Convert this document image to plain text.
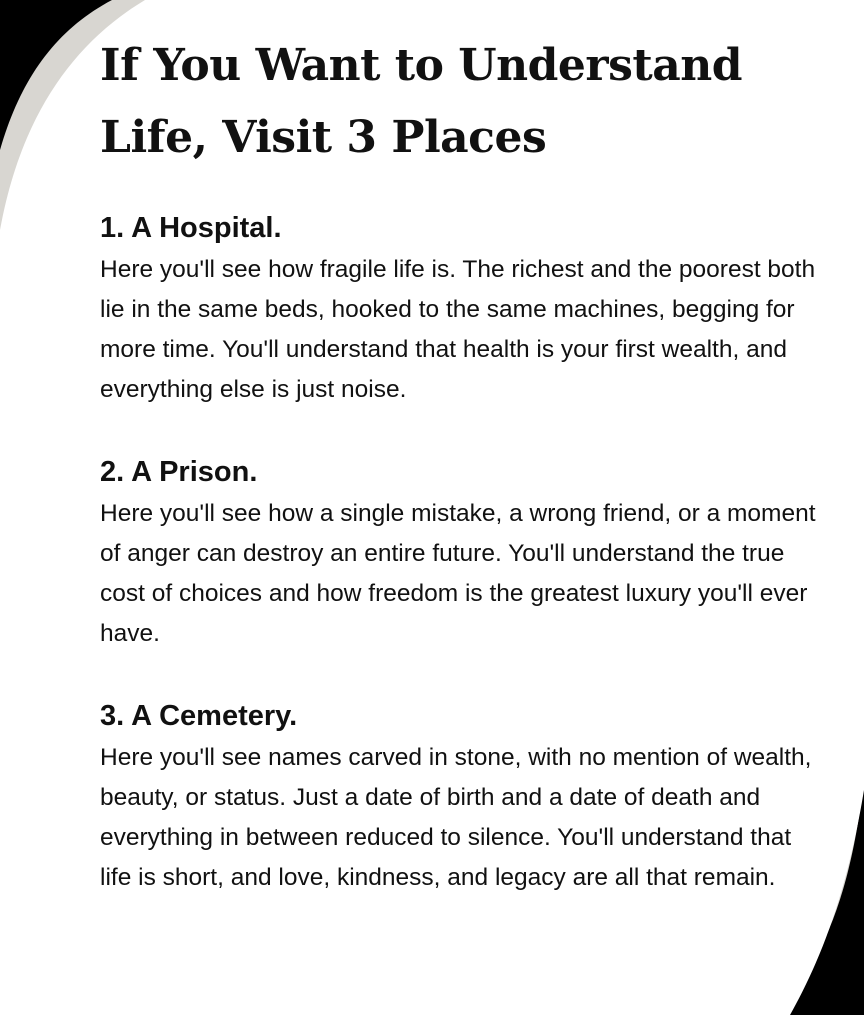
If You Want to Understand Life, Visit 3 Places
1. A Hospital.

Here you'll see how fragile life is. The richest and the poorest both lie in the same beds, hooked to the same machines, begging for more time. You'll understand that health is your first wealth, and everything else is just noise.

2. A Prison.

Here you'll see how a single mistake, a wrong friend, or a moment of anger can destroy an entire future. You'll understand the true cost of choices and how freedom is the greatest luxury you'll ever have.

3. A Cemetery.

Here you'll see names carved in stone, with no mention of wealth, beauty, or status. Just a date of birth and a date of death and everything in between reduced to silence. You'll understand that life is short, and love, kindness, and legacy are all that remain.
